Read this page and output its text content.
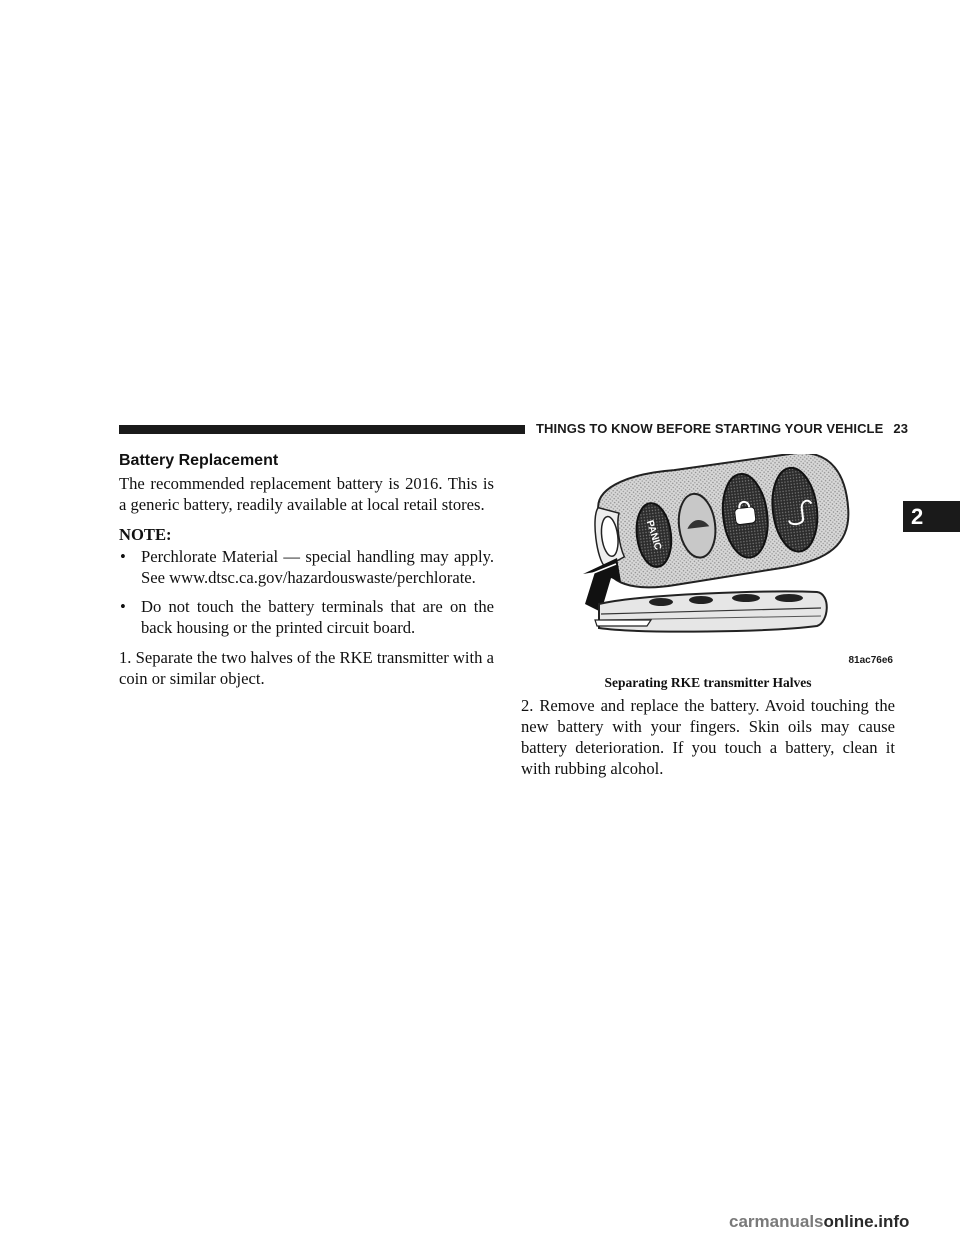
THINGS TO KNOW BEFORE STARTING YOUR VEHICLE 23
2
Battery Replacement

The recommended replacement battery is 2016. This is a generic battery, readily available at local retail stores.

NOTE:

• Perchlorate Material — special handling may apply. See www.dtsc.ca.gov/hazardouswaste/perchlorate.
• Do not touch the battery terminals that are on the back housing or the printed circuit board.

1. Separate the two halves of the RKE transmitter with a coin or similar object.

PANIC
81ac76e6
Separating RKE transmitter Halves

2. Remove and replace the battery. Avoid touching the new battery with your fingers. Skin oils may cause battery deterioration. If you touch a battery, clean it with rubbing alcohol.

carmanualsonline.info
